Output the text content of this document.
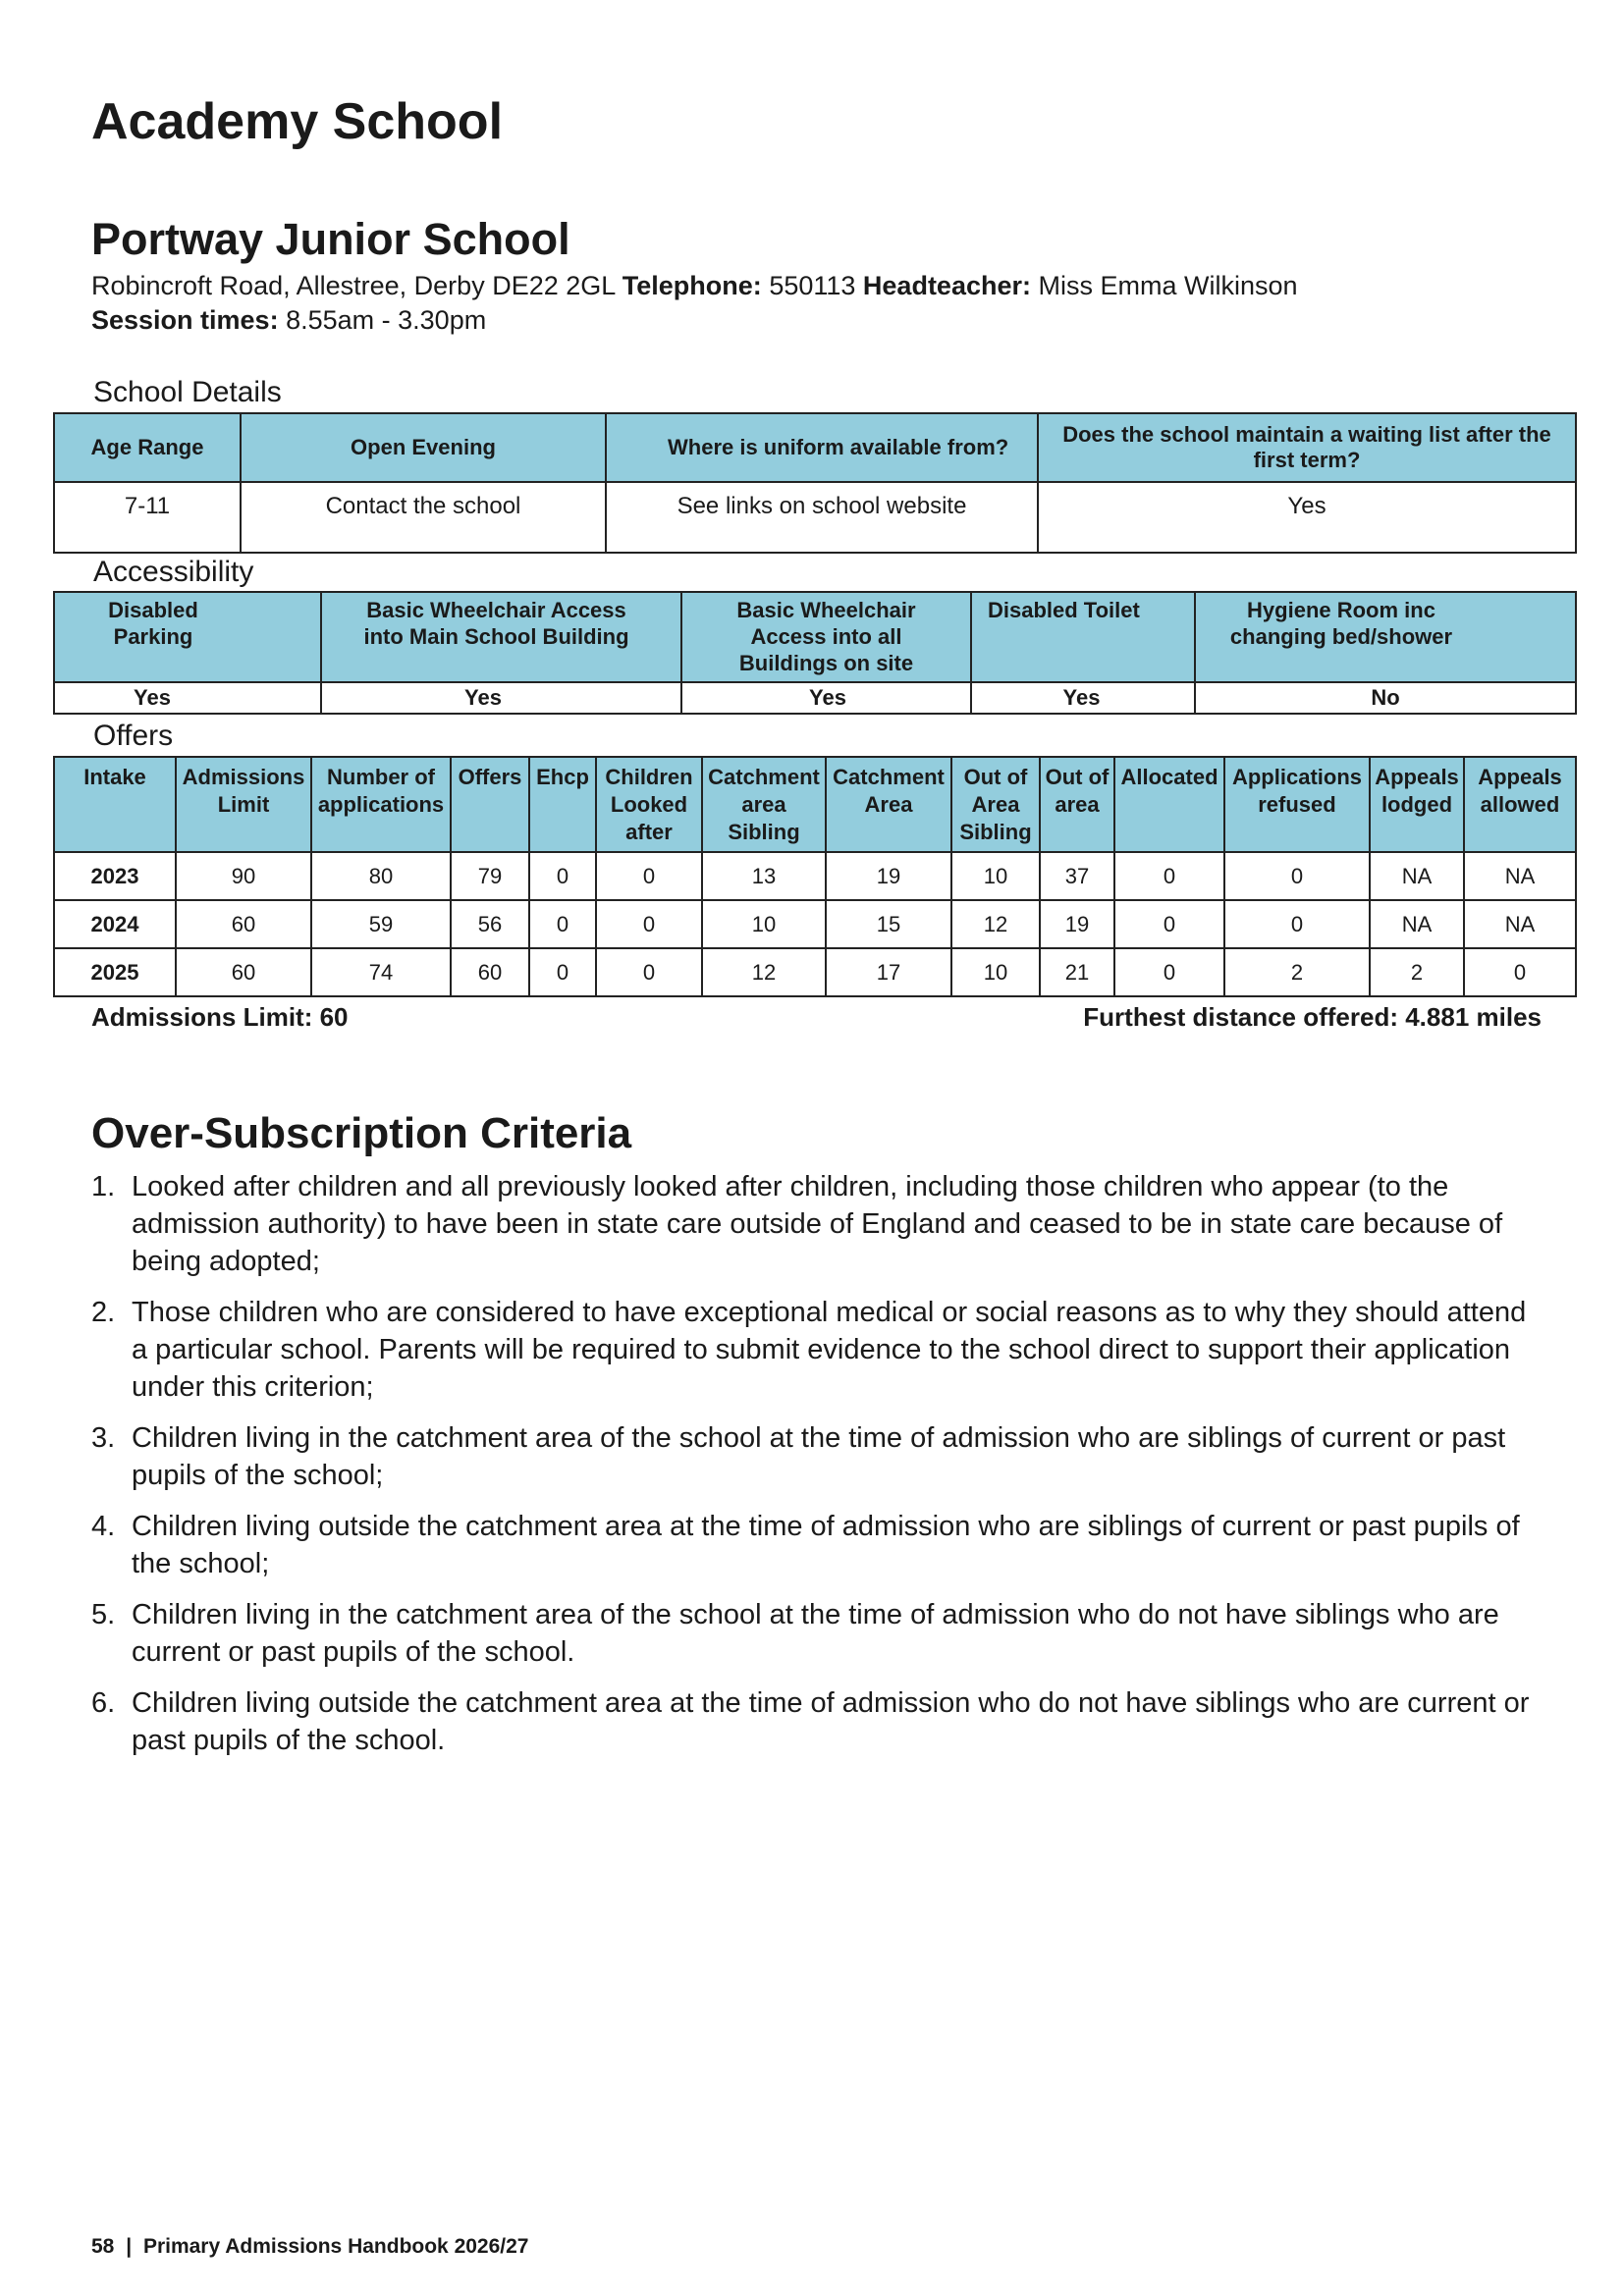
Academy School
Portway Junior School
Robincroft Road, Allestree, Derby DE22 2GL Telephone: 550113 Headteacher: Miss Emma Wilkinson
Session times: 8.55am - 3.30pm
School Details
Age Range	Open Evening	Where is uniform available from?	Does the school maintain a waiting list after the first term?
7-11	Contact the school	See links on school website	Yes
Accessibility
Disabled Parking	Basic Wheelchair Access into Main School Building	Basic Wheelchair Access into all Buildings on site	Disabled Toilet	Hygiene Room inc changing bed/shower
Yes	Yes	Yes	Yes	No
Offers
Intake	Admissions Limit	Number of applications	Offers	Ehcp	Children Looked after	Catchment area Sibling	Catchment Area	Out of Area Sibling	Out of area	Allocated	Applications refused	Appeals lodged	Appeals allowed
2023	90	80	79	0	0	13	19	10	37	0	0	NA	NA
2024	60	59	56	0	0	10	15	12	19	0	0	NA	NA
2025	60	74	60	0	0	12	17	10	21	0	2	2	0
Admissions Limit: 60	Furthest distance offered: 4.881 miles
Over-Subscription Criteria
1. Looked after children and all previously looked after children, including those children who appear (to the admission authority) to have been in state care outside of England and ceased to be in state care because of being adopted;
2. Those children who are considered to have exceptional medical or social reasons as to why they should attend a particular school. Parents will be required to submit evidence to the school direct to support their application under this criterion;
3. Children living in the catchment area of the school at the time of admission who are siblings of current or past pupils of the school;
4. Children living outside the catchment area at the time of admission who are siblings of current or past pupils of the school;
5. Children living in the catchment area of the school at the time of admission who do not have siblings who are current or past pupils of the school.
6. Children living outside the catchment area at the time of admission who do not have siblings who are current or past pupils of the school.
58 | Primary Admissions Handbook 2026/27
